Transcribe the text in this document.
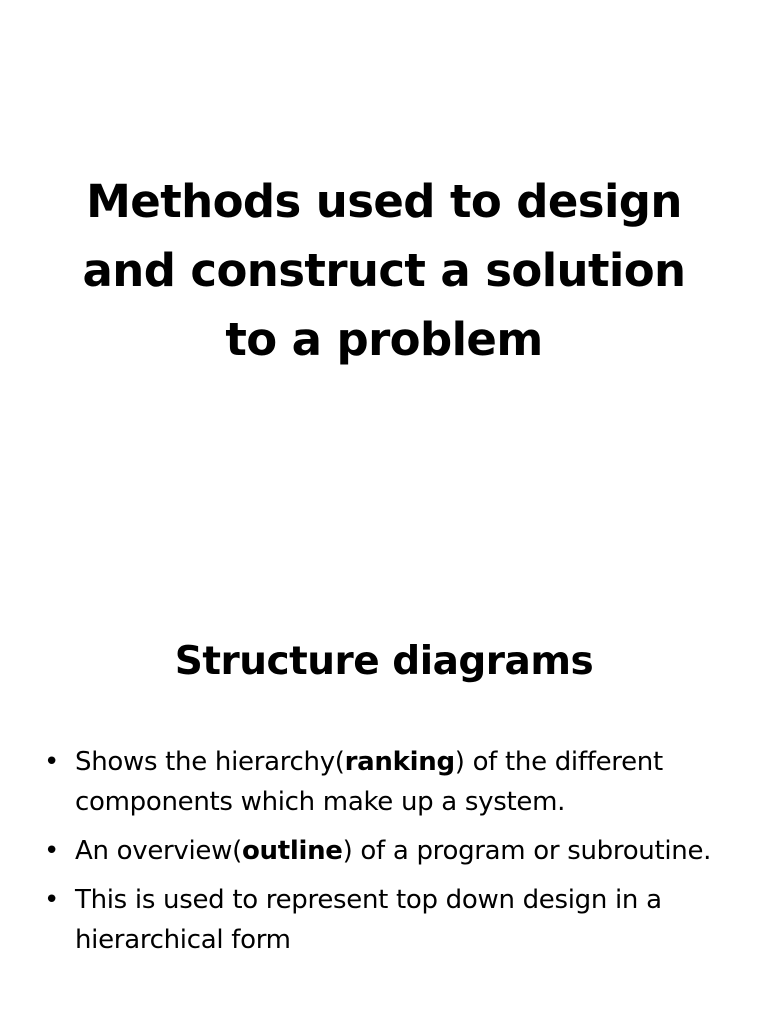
Methods used to design
and construct a solution
to a problem
Structure diagrams
• Shows the hierarchy(ranking) of the different components which make up a system.
• An overview(outline) of a program or subroutine.
• This is used to represent top down design in a hierarchical form
